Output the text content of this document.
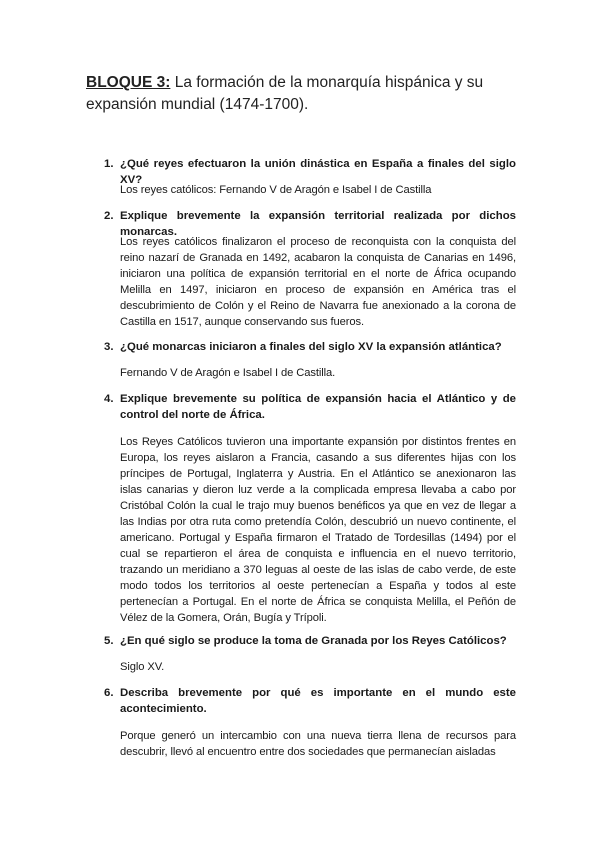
BLOQUE 3: La formación de la monarquía hispánica y su expansión mundial (1474-1700).
1. ¿Qué reyes efectuaron la unión dinástica en España a finales del siglo XV?
Los reyes católicos: Fernando V de Aragón e Isabel I de Castilla
2. Explique brevemente la expansión territorial realizada por dichos monarcas.
Los reyes católicos finalizaron el proceso de reconquista con la conquista del reino nazarí de Granada en 1492, acabaron la conquista de Canarias en 1496, iniciaron una política de expansión territorial en el norte de África ocupando Melilla en 1497, iniciaron en proceso de expansión en América tras el descubrimiento de Colón y el Reino de Navarra fue anexionado a la corona de Castilla en 1517, aunque conservando sus fueros.
3. ¿Qué monarcas iniciaron a finales del siglo XV la expansión atlántica?
Fernando V de Aragón e Isabel I de Castilla.
4. Explique brevemente su política de expansión hacia el Atlántico y de control del norte de África.
Los Reyes Católicos tuvieron una importante expansión por distintos frentes en Europa, los reyes aislaron a Francia, casando a sus diferentes hijas con los príncipes de Portugal, Inglaterra y Austria. En el Atlántico se anexionaron las islas canarias y dieron luz verde a la complicada empresa llevaba a cabo por Cristóbal Colón la cual le trajo muy buenos benéficos ya que en vez de llegar a las Indias por otra ruta como pretendía Colón, descubrió un nuevo continente, el americano. Portugal y España firmaron el Tratado de Tordesillas (1494) por el cual se repartieron el área de conquista e influencia en el nuevo territorio, trazando un meridiano a 370 leguas al oeste de las islas de cabo verde, de este modo todos los territorios al oeste pertenecían a España y todos al este pertenecían a Portugal. En el norte de África se conquista Melilla, el Peñón de Vélez de la Gomera, Orán, Bugía y Trípoli.
5. ¿En qué siglo se produce la toma de Granada por los Reyes Católicos?
Siglo XV.
6. Describa brevemente por qué es importante en el mundo este acontecimiento.
Porque generó un intercambio con una nueva tierra llena de recursos para descubrir, llevó al encuentro entre dos sociedades que permanecían aisladas
